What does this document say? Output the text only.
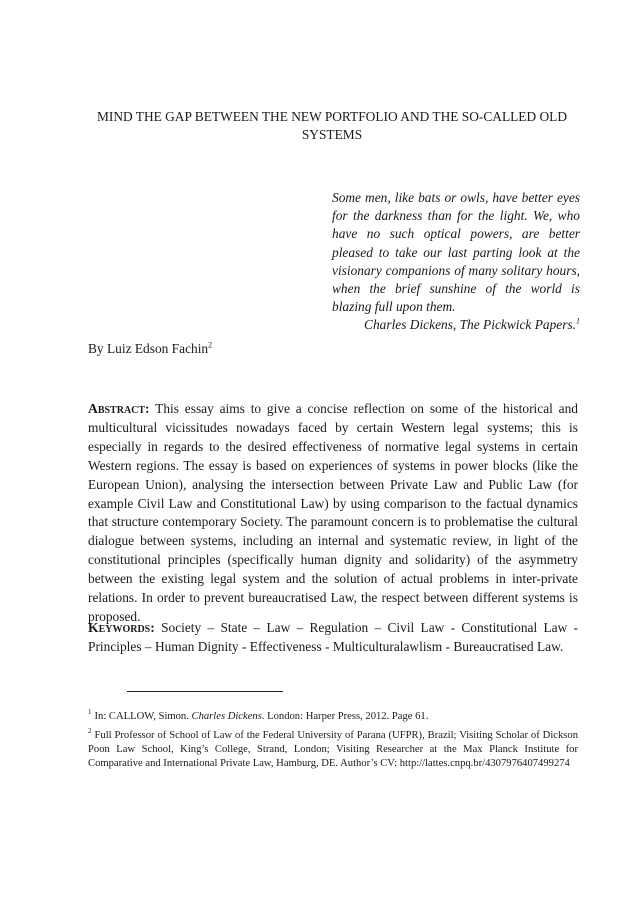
MIND THE GAP BETWEEN THE NEW PORTFOLIO AND THE SO-CALLED OLD SYSTEMS
Some men, like bats or owls, have better eyes for the darkness than for the light. We, who have no such optical powers, are better pleased to take our last parting look at the visionary companions of many solitary hours, when the brief sunshine of the world is blazing full upon them.
Charles Dickens, The Pickwick Papers.$^1$
By Luiz Edson Fachin$^2$
Abstract: This essay aims to give a concise reflection on some of the historical and multicultural vicissitudes nowadays faced by certain Western legal systems; this is especially in regards to the desired effectiveness of normative legal systems in certain Western regions. The essay is based on experiences of systems in power blocks (like the European Union), analysing the intersection between Private Law and Public Law (for example Civil Law and Constitutional Law) by using comparison to the factual dynamics that structure contemporary Society. The paramount concern is to problematise the cultural dialogue between systems, including an internal and systematic review, in light of the constitutional principles (specifically human dignity and solidarity) of the asymmetry between the existing legal system and the solution of actual problems in inter-private relations. In order to prevent bureaucratised Law, the respect between different systems is proposed.
Keywords: Society – State – Law – Regulation – Civil Law - Constitutional Law - Principles – Human Dignity - Effectiveness - Multiculturalawlism - Bureaucratised Law.
$^1$ In: CALLOW, Simon. Charles Dickens. London: Harper Press, 2012. Page 61.
$^2$ Full Professor of School of Law of the Federal University of Parana (UFPR), Brazil; Visiting Scholar of Dickson Poon Law School, King’s College, Strand, London; Visiting Researcher at the Max Planck Institute for Comparative and International Private Law, Hamburg, DE. Author’s CV: http://lattes.cnpq.br/4307976407499274
